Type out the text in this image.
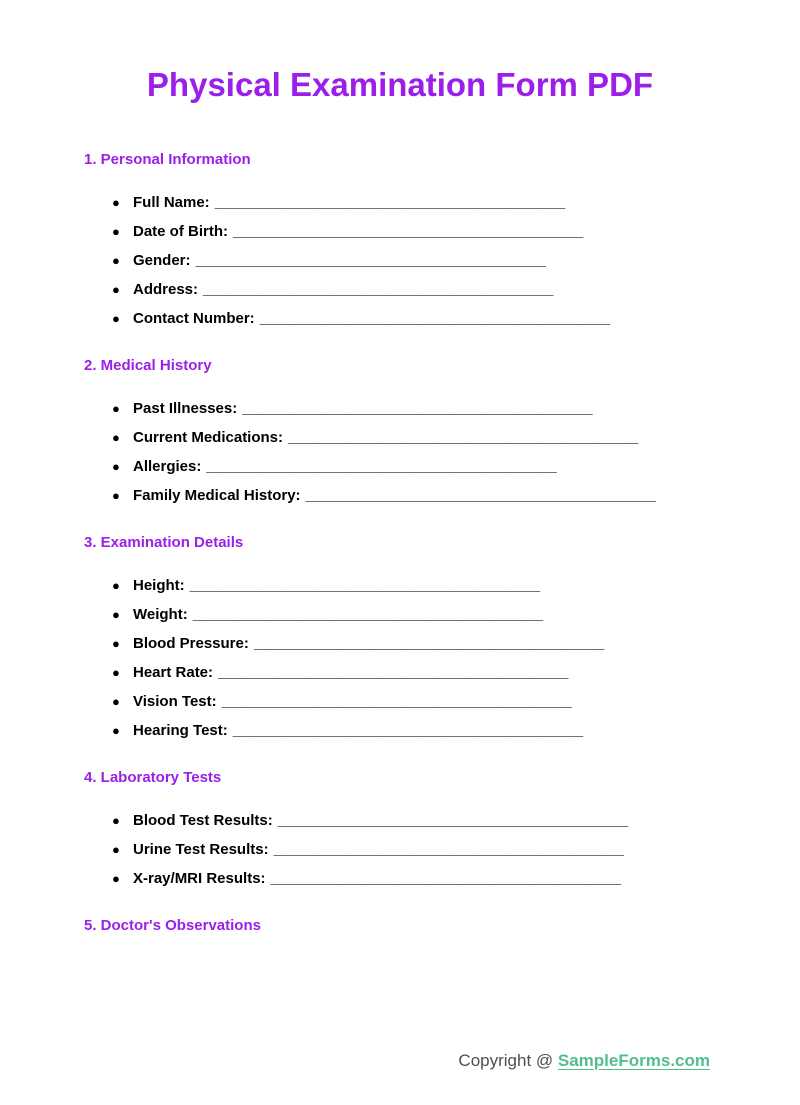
Physical Examination Form PDF
1. Personal Information
● Full Name: __________________________________________
● Date of Birth: __________________________________________
● Gender: __________________________________________
● Address: __________________________________________
● Contact Number: __________________________________________
2. Medical History
● Past Illnesses: __________________________________________
● Current Medications: __________________________________________
● Allergies: __________________________________________
● Family Medical History: __________________________________________
3. Examination Details
● Height: __________________________________________
● Weight: __________________________________________
● Blood Pressure: __________________________________________
● Heart Rate: __________________________________________
● Vision Test: __________________________________________
● Hearing Test: __________________________________________
4. Laboratory Tests
● Blood Test Results: __________________________________________
● Urine Test Results: __________________________________________
● X-ray/MRI Results: __________________________________________
5. Doctor's Observations
Copyright @ SampleForms.com
